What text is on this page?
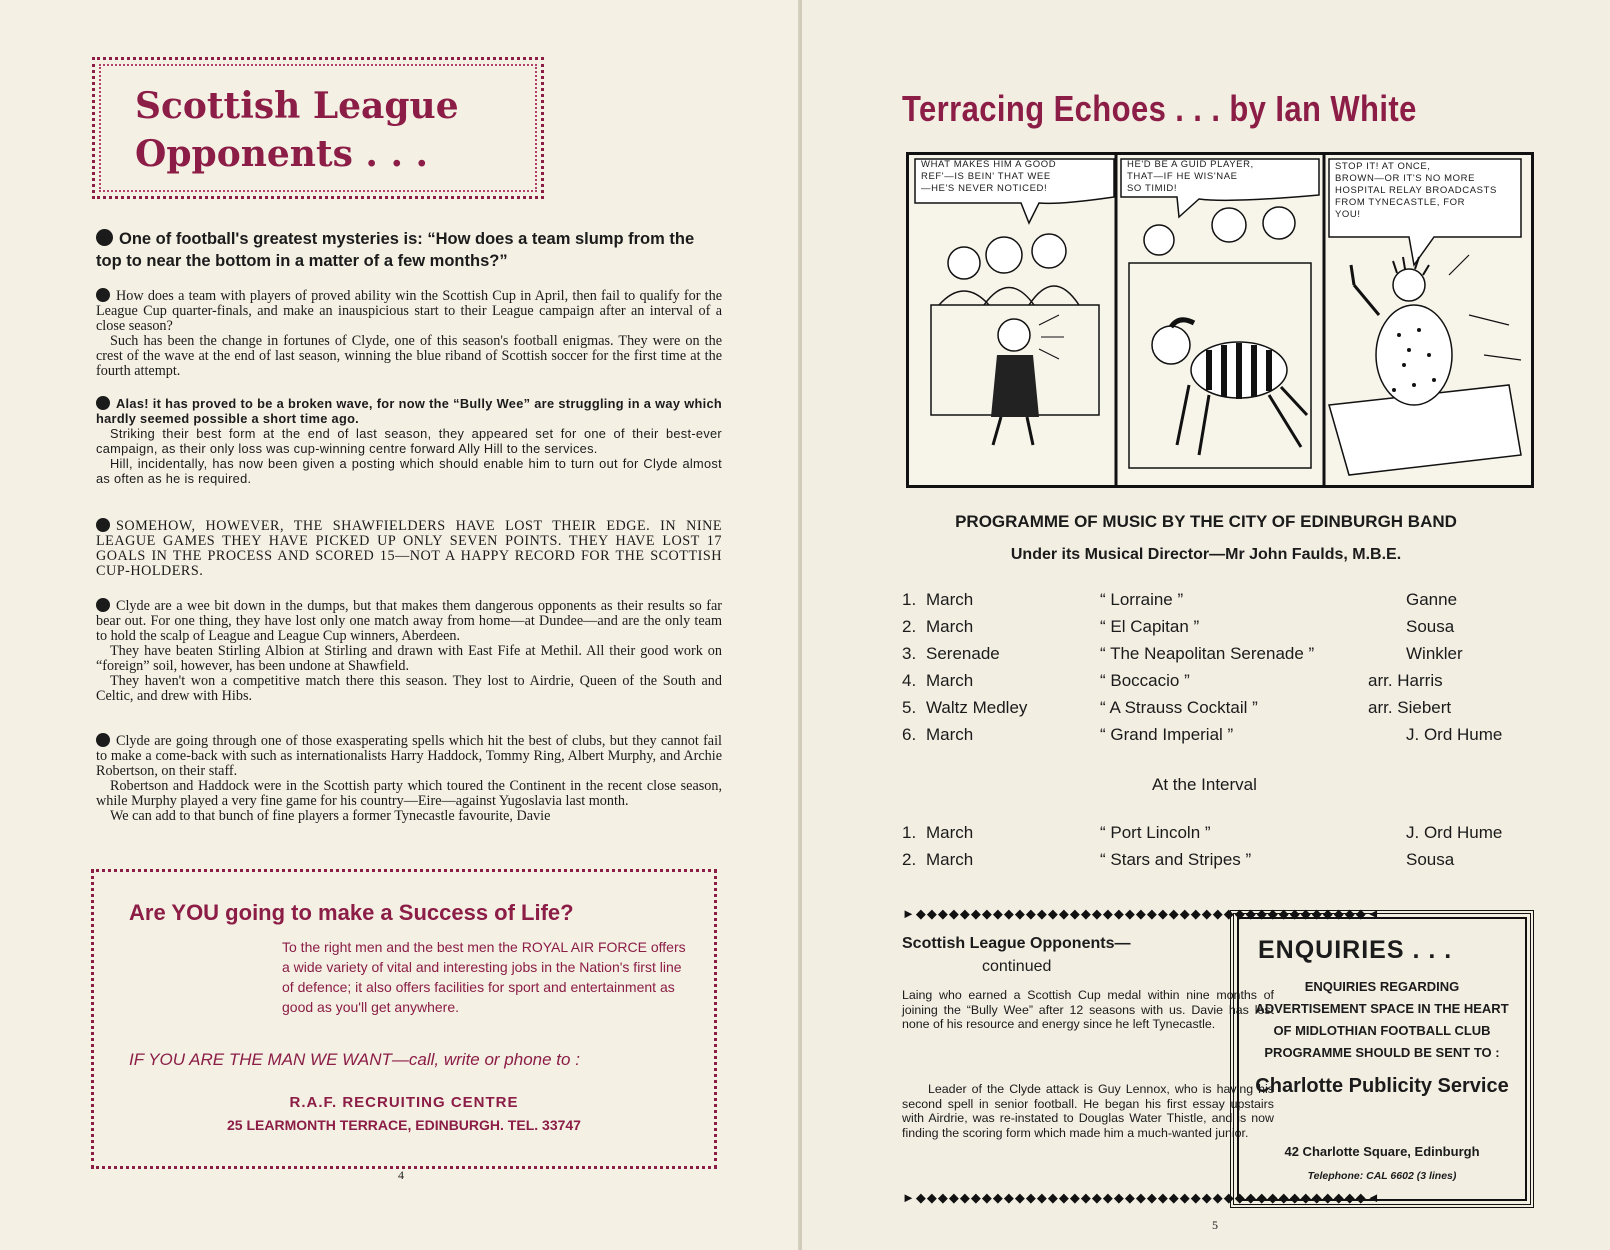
Scottish League
Opponents . . .
One of football's greatest mysteries is: “How does a team slump from the top to near the bottom in a matter of a few months?”

How does a team with players of proved ability win the Scottish Cup in April, then fail to qualify for the League Cup quarter-finals, and make an inauspicious start to their League campaign after an interval of a close season?

Such has been the change in fortunes of Clyde, one of this season's football enigmas. They were on the crest of the wave at the end of last season, winning the blue riband of Scottish soccer for the first time at the fourth attempt.

Alas! it has proved to be a broken wave, for now the “Bully Wee” are struggling in a way which hardly seemed possible a short time ago.

Striking their best form at the end of last season, they appeared set for one of their best-ever campaign, as their only loss was cup-winning centre forward Ally Hill to the services.

Hill, incidentally, has now been given a posting which should enable him to turn out for Clyde almost as often as he is required.

SOMEHOW, HOWEVER, THE SHAWFIELDERS HAVE LOST THEIR EDGE. IN NINE LEAGUE GAMES THEY HAVE PICKED UP ONLY SEVEN POINTS. THEY HAVE LOST 17 GOALS IN THE PROCESS AND SCORED 15—NOT A HAPPY RECORD FOR THE SCOTTISH CUP-HOLDERS.

Clyde are a wee bit down in the dumps, but that makes them dangerous opponents as their results so far bear out. For one thing, they have lost only one match away from home—at Dundee—and are the only team to hold the scalp of League and League Cup winners, Aberdeen.

They have beaten Stirling Albion at Stirling and drawn with East Fife at Methil. All their good work on “foreign” soil, however, has been undone at Shawfield.

They haven't won a competitive match there this season. They lost to Airdrie, Queen of the South and Celtic, and drew with Hibs.

Clyde are going through one of those exasperating spells which hit the best of clubs, but they cannot fail to make a come-back with such as internationalists Harry Haddock, Tommy Ring, Albert Murphy, and Archie Robertson, on their staff.

Robertson and Haddock were in the Scottish party which toured the Continent in the recent close season, while Murphy played a very fine game for his country—Eire—against Yugoslavia last month.

We can add to that bunch of fine players a former Tynecastle favourite, Davie

Are YOU going to make a Success of Life?
To the right men and the best men the ROYAL AIR FORCE offers a wide variety of vital and interesting jobs in the Nation's first line of defence; it also offers facilities for sport and entertainment as good as you'll get anywhere.
IF YOU ARE THE MAN WE WANT—call, write or phone to :
R.A.F. RECRUITING CENTRE
25 LEARMONTH TERRACE, EDINBURGH. TEL. 33747
4
Terracing Echoes . . . by Ian White
WHAT MAKES HIM A GOOD
REF'—IS BEIN' THAT WEE
—HE'S NEVER NOTICED!
HE'D BE A GUID PLAYER,
THAT—IF HE WIS'NAE
SO TIMID!
STOP IT! AT ONCE,
BROWN—OR IT'S NO MORE
HOSPITAL RELAY BROADCASTS
FROM TYNECASTLE, FOR
YOU!
PROGRAMME OF MUSIC BY THE CITY OF EDINBURGH BAND
Under its Musical Director—Mr John Faulds, M.B.E.
1. March	“ Lorraine ”	Ganne
2. March	“ El Capitan ”	Sousa
3. Serenade	“ The Neapolitan Serenade ”	Winkler
4. March	“ Boccacio ”	arr. Harris
5. Waltz Medley	“ A Strauss Cocktail ”	arr. Siebert
6. March	“ Grand Imperial ”	J. Ord Hume
At the Interval
1. March	“ Port Lincoln ”	J. Ord Hume
2. March	“ Stars and Stripes ”	Sousa
►◆◆◆◆◆◆◆◆◆◆◆◆◆◆◆◆◆◆◆◆◆◆◆◆◆◆◆◆◆◆◆◆◆◆◆◆◆◆◆◆◆◄
Scottish League Opponents—
continued

Laing who earned a Scottish Cup medal within nine months of joining the “Bully Wee” after 12 seasons with us. Davie has lost none of his resource and energy since he left Tynecastle.

Leader of the Clyde attack is Guy Lennox, who is having his second spell in senior football. He began his first essay upstairs with Airdrie, was re-instated to Douglas Water Thistle, and is now finding the scoring form which made him a much-wanted junior.

►◆◆◆◆◆◆◆◆◆◆◆◆◆◆◆◆◆◆◆◆◆◆◆◆◆◆◆◆◆◆◆◆◆◆◆◆◆◆◆◆◆◄
ENQUIRIES . . .
ENQUIRIES REGARDING ADVERTISEMENT SPACE IN THE HEART OF MIDLOTHIAN FOOTBALL CLUB PROGRAMME SHOULD BE SENT TO :
Charlotte Publicity Service
42 Charlotte Square, Edinburgh
Telephone: CAL 6602 (3 lines)
5
